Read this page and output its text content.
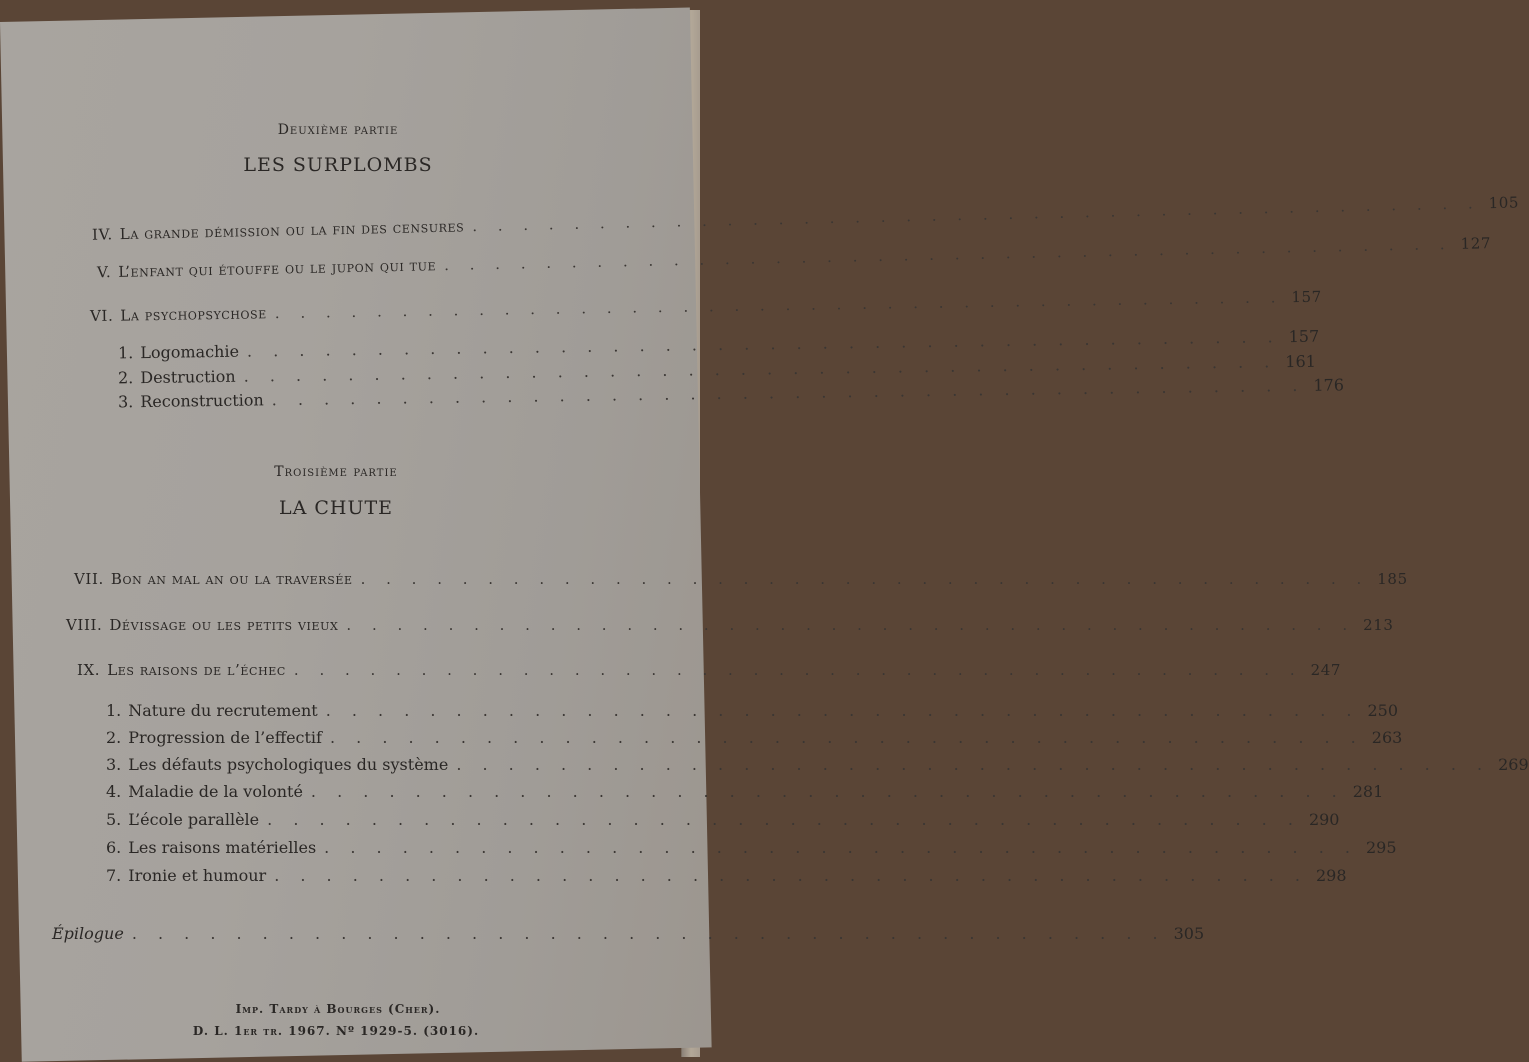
Deuxième partie
LES SURPLOMBS
IV. La grande démission ou la fin des censures . . . . . . . . . . . . . . . . . . . . . . . . . . . . . . . . . . . . . . . . 105
V. L’enfant qui étouffe ou le jupon qui tue . . . . . . . . . . . . . . . . . . . . . . . . . . . . . . . . . . . . . . . . 127
VI. La psychopsychose . . . . . . . . . . . . . . . . . . . . . . . . . . . . . . . . . . . . . . . . 157
1. Logomachie . . . . . . . . . . . . . . . . . . . . . . . . . . . . . . . . . . . . . . . . 157
2. Destruction . . . . . . . . . . . . . . . . . . . . . . . . . . . . . . . . . . . . . . . . 161
3. Reconstruction . . . . . . . . . . . . . . . . . . . . . . . . . . . . . . . . . . . . . . . . 176
Troisième partie
LA CHUTE
VII. Bon an mal an ou la traversée . . . . . . . . . . . . . . . . . . . . . . . . . . . . . . . . . . . . . . . . 185
VIII. Dévissage ou les petits vieux . . . . . . . . . . . . . . . . . . . . . . . . . . . . . . . . . . . . . . . . 213
IX. Les raisons de l’échec . . . . . . . . . . . . . . . . . . . . . . . . . . . . . . . . . . . . . . . . 247
1. Nature du recrutement . . . . . . . . . . . . . . . . . . . . . . . . . . . . . . . . . . . . . . . . 250
2. Progression de l’effectif . . . . . . . . . . . . . . . . . . . . . . . . . . . . . . . . . . . . . . . . 263
3. Les défauts psychologiques du système . . . . . . . . . . . . . . . . . . . . . . . . . . . . . . . . . . . . . . . . 269
4. Maladie de la volonté . . . . . . . . . . . . . . . . . . . . . . . . . . . . . . . . . . . . . . . . 281
5. L’école parallèle . . . . . . . . . . . . . . . . . . . . . . . . . . . . . . . . . . . . . . . . 290
6. Les raisons matérielles . . . . . . . . . . . . . . . . . . . . . . . . . . . . . . . . . . . . . . . . 295
7. Ironie et humour . . . . . . . . . . . . . . . . . . . . . . . . . . . . . . . . . . . . . . . . 298
Épilogue . . . . . . . . . . . . . . . . . . . . . . . . . . . . . . . . . . . . . . . . 305
Imp. Tardy à Bourges (Cher).
D. L. 1er tr. 1967. Nº 1929-5. (3016).
